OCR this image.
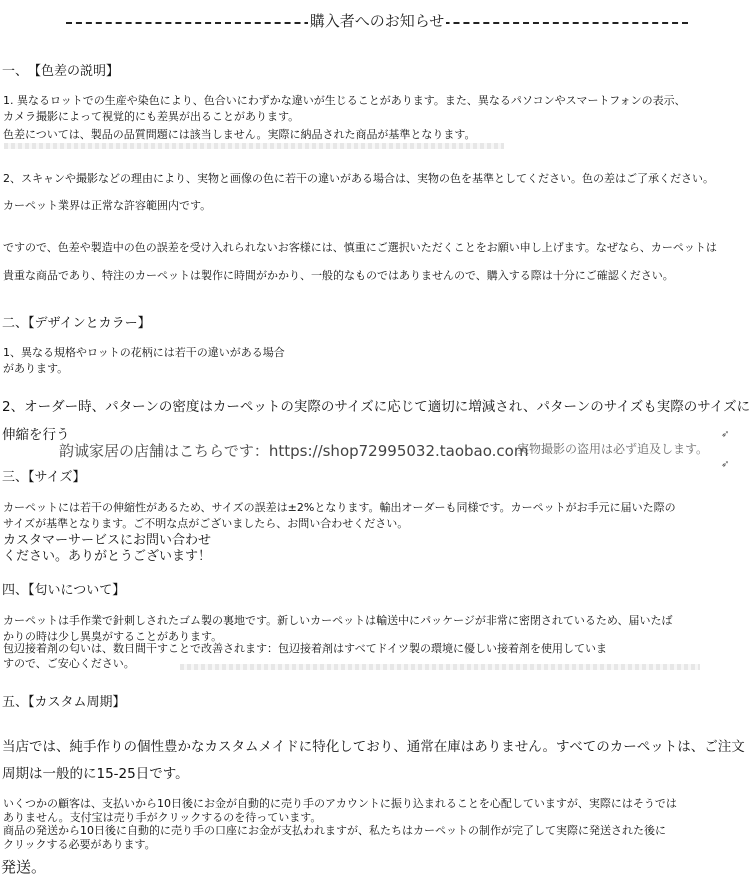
購入者へのお知らせ
一、　【色差の説明】
1. 異なるロットでの生産や染色により、色合いにわずかな違いが生じることがあります。また、異なるパソコンやスマートフォンの表示、
カメラ撮影によって視覚的にも差異が出ることがあります。
色差については、製品の品質問題には該当しません。実際に納品された商品が基準となります。
2、スキャンや撮影などの理由により、実物と画像の色に若干の違いがある場合は、実物の色を基準としてください。色の差はご了承ください。
カーペット業界は正常な許容範囲内です。
ですので、色差や製造中の色の誤差を受け入れられないお客様には、慎重にご選択いただくことをお願い申し上げます。なぜなら、カーペットは
貴重な商品であり、特注のカーペットは製作に時間がかかり、一般的なものではありませんので、購入する際は十分にご確認ください。
二、【デザインとカラー】
1、異なる規格やロットの花柄には若干の違いがある場合
があります。
2、オーダー時、パターンの密度はカーペットの実際のサイズに応じて適切に増減され、パターンのサイズも実際のサイズに
伸縮を行う
韵诚家居の店舗はこちらです：https://shop72995032.taobao.com
実物撮影の盗用は必ず追及します。
➶
➶
三、【サイズ】
カーペットには若干の伸縮性があるため、サイズの誤差は±2%となります。輸出オーダーも同様です。カーペットがお手元に届いた際の
サイズが基準となります。ご不明な点がございましたら、お問い合わせください。
カスタマーサービスにお問い合わせ
ください。ありがとうございます！
四、【匂いについて】
カーペットは手作業で針刺しされたゴム製の裏地です。新しいカーペットは輸送中にパッケージが非常に密閉されているため、届いたば
かりの時は少し異臭がすることがあります。
包辺接着剤の匂いは、数日間干すことで改善されます：包辺接着剤はすべてドイツ製の環境に優しい接着剤を使用していま
すので、ご安心ください。
五、【カスタム周期】
当店では、純手作りの個性豊かなカスタムメイドに特化しており、通常在庫はありません。すべてのカーペットは、ご注文
周期は一般的に15-25日です。
いくつかの顧客は、支払いから10日後にお金が自動的に売り手のアカウントに振り込まれることを心配していますが、実際にはそうでは
ありません。支付宝は売り手がクリックするのを待っています。
商品の発送から10日後に自動的に売り手の口座にお金が支払われますが、私たちはカーペットの制作が完了して実際に発送された後に
クリックする必要があります。
発送。
